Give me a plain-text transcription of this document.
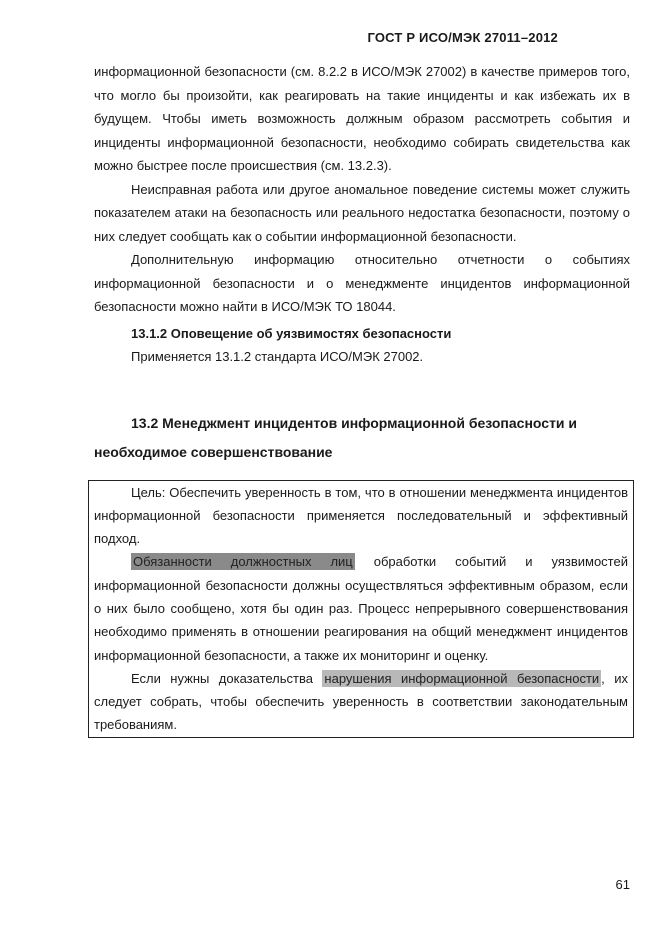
ГОСТ Р ИСО/МЭК 27011–2012

информационной безопасности (см. 8.2.2 в ИСО/МЭК 27002) в качестве примеров того, что могло бы произойти, как реагировать на такие инциденты и как избежать их в будущем. Чтобы иметь возможность должным образом рассмотреть события и инциденты информационной безопасности, необходимо собирать свидетельства как можно быстрее после происшествия (см. 13.2.3).

Неисправная работа или другое аномальное поведение системы может служить показателем атаки на безопасность или реального недостатка безопасности, поэтому о них следует сообщать как о событии информационной безопасности.

Дополнительную информацию относительно отчетности о событиях информационной безопасности и о менеджменте инцидентов информационной безопасности можно найти в ИСО/МЭК ТО 18044.

13.1.2 Оповещение об уязвимостях безопасности

Применяется 13.1.2 стандарта ИСО/МЭК 27002.

13.2 Менеджмент инцидентов информационной безопасности и необходимое совершенствование

Цель: Обеспечить уверенность в том, что в отношении менеджмента инцидентов информационной безопасности применяется последовательный и эффективный подход.

Обязанности должностных лиц обработки событий и уязвимостей информационной безопасности должны осуществляться эффективным образом, если о них было сообщено, хотя бы один раз. Процесс непрерывного совершенствования необходимо применять в отношении реагирования на общий менеджмент инцидентов информационной безопасности, а также их мониторинг и оценку.

Если нужны доказательства нарушения информационной безопасности , их следует собрать, чтобы обеспечить уверенность в соответствии законодательным требованиям.

61
